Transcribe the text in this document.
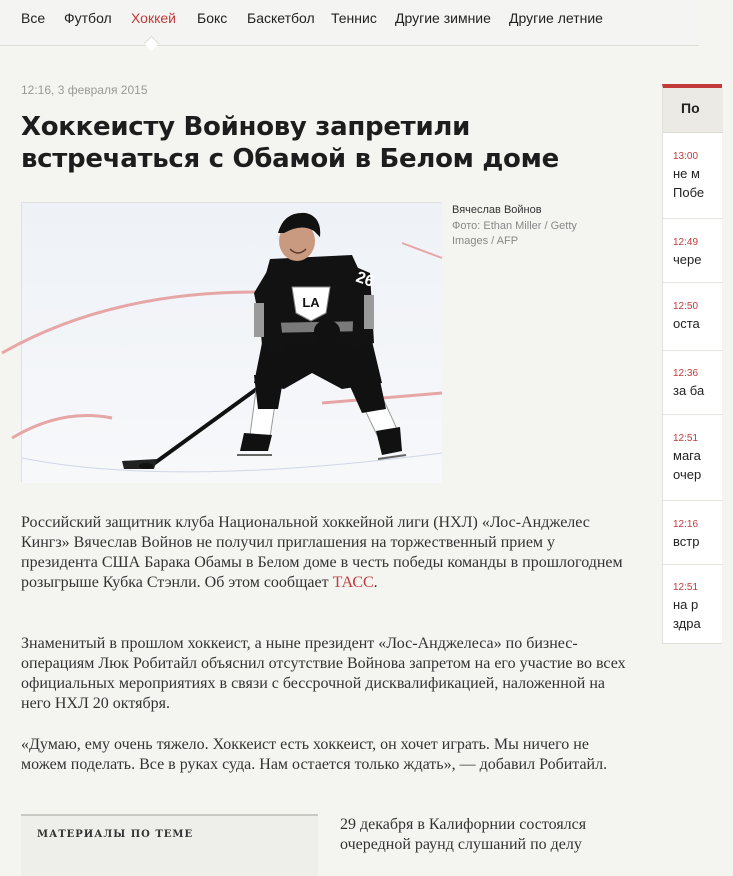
Все Футбол Хоккей Бокс Баскетбол Теннис Другие зимние Другие летние
12:16, 3 февраля 2015
Хоккеисту Войнову запретили
встречаться с Обамой в Белом доме
LA
26
Вячеслав Войнов
Фото: Ethan Miller / Getty Images / AFP

Российский защитник клуба Национальной хоккейной лиги (НХЛ) «Лос-Анджелес Кингз» Вячеслав Войнов не получил приглашения на торжественный прием у президента США Барака Обамы в Белом доме в честь победы команды в прошлогоднем розыгрыше Кубка Стэнли. Об этом сообщает ТАСС.

Знаменитый в прошлом хоккеист, а ныне президент «Лос-Анджелеса» по бизнес-операциям Люк Робитайл объяснил отсутствие Войнова запретом на его участие во всех официальных мероприятиях в связи с бессрочной дисквалификацией, наложенной на него НХЛ 20 октября.

«Думаю, ему очень тяжело. Хоккеист есть хоккеист, он хочет играть. Мы ничего не можем поделать. Все в руках суда. Нам остается только ждать», — добавил Робитайл.

МАТЕРИАЛЫ ПО ТЕМЕ

29 декабря в Калифорнии состоялся очередной раунд слушаний по делу

По
13:00
не м
Побе
12:49
чере
12:50
оста
12:36
за ба
12:51
мага
очер
12:16
встр
12:51
на р
здра
